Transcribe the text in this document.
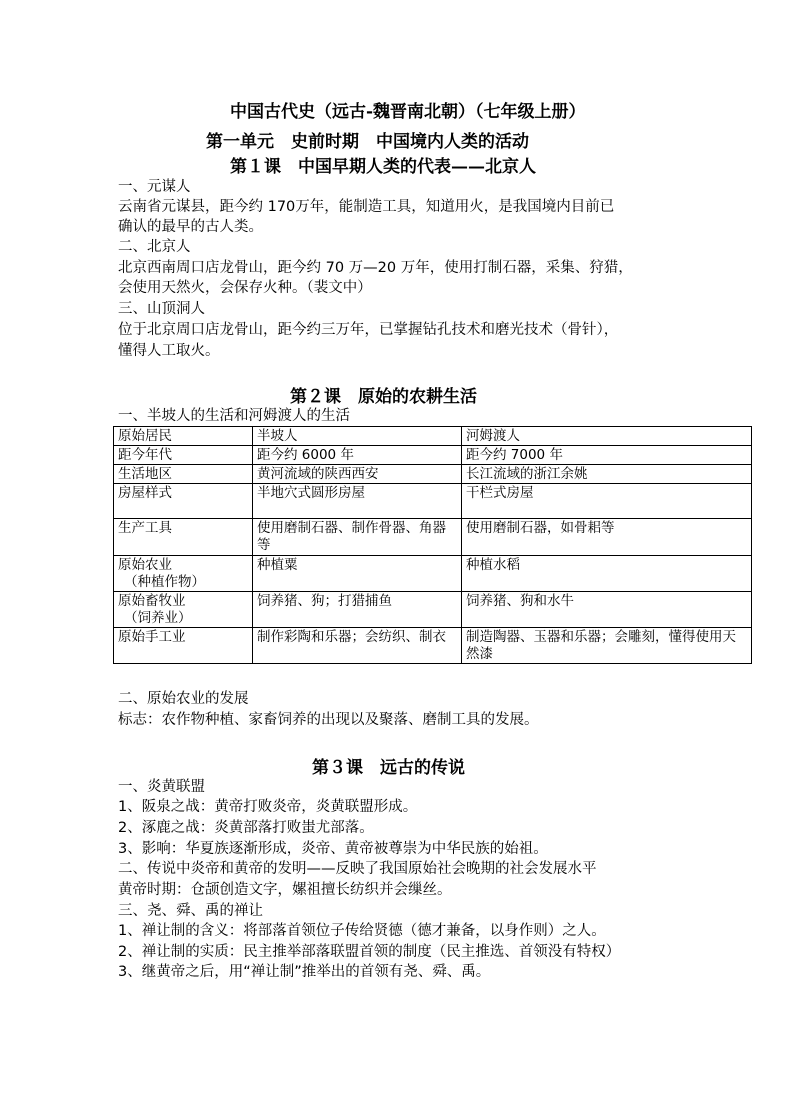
中国古代史（远古-魏晋南北朝）（七年级上册）
第一单元　史前时期　中国境内人类的活动
第１课　中国早期人类的代表——北京人
一、元谋人
云南省元谋县，距今约 170万年，能制造工具，知道用火，是我国境内目前已
确认的最早的古人类。
二、北京人
北京西南周口店龙骨山，距今约 70 万—20 万年，使用打制石器，采集、狩猎，
会使用天然火，会保存火种。（裴文中）
三、山顶洞人
位于北京周口店龙骨山，距今约三万年，已掌握钻孔技术和磨光技术（骨针），
懂得人工取火。
第２课　原始的农耕生活
一、半坡人的生活和河姆渡人的生活
原始居民	半坡人	河姆渡人
距今年代	距今约 6000 年	距今约 7000 年
生活地区	黄河流域的陕西西安	长江流域的浙江余姚
房屋样式	半地穴式圆形房屋	干栏式房屋
生产工具	使用磨制石器、制作骨器、角器等	使用磨制石器，如骨耜等
原始农业
（种植作物）	种植粟	种植水稻
原始畜牧业
（饲养业）	饲养猪、狗；打猎捕鱼	饲养猪、狗和水牛
原始手工业	制作彩陶和乐器；会纺织、制衣	制造陶器、玉器和乐器；会雕刻，懂得使用天然漆
二、原始农业的发展
标志：农作物种植、家畜饲养的出现以及聚落、磨制工具的发展。
第３课　远古的传说
一、炎黄联盟
1、阪泉之战：黄帝打败炎帝，炎黄联盟形成。
2、涿鹿之战：炎黄部落打败蚩尤部落。
3、影响：华夏族逐渐形成，炎帝、黄帝被尊崇为中华民族的始祖。
二、传说中炎帝和黄帝的发明——反映了我国原始社会晚期的社会发展水平
黄帝时期：仓颉创造文字，嫘祖擅长纺织并会缫丝。
三、尧、舜、禹的禅让
1、禅让制的含义：将部落首领位子传给贤德（德才兼备，以身作则）之人。
2、禅让制的实质：民主推举部落联盟首领的制度（民主推选、首领没有特权）
3、继黄帝之后，用“禅让制”推举出的首领有尧、舜、禹。
